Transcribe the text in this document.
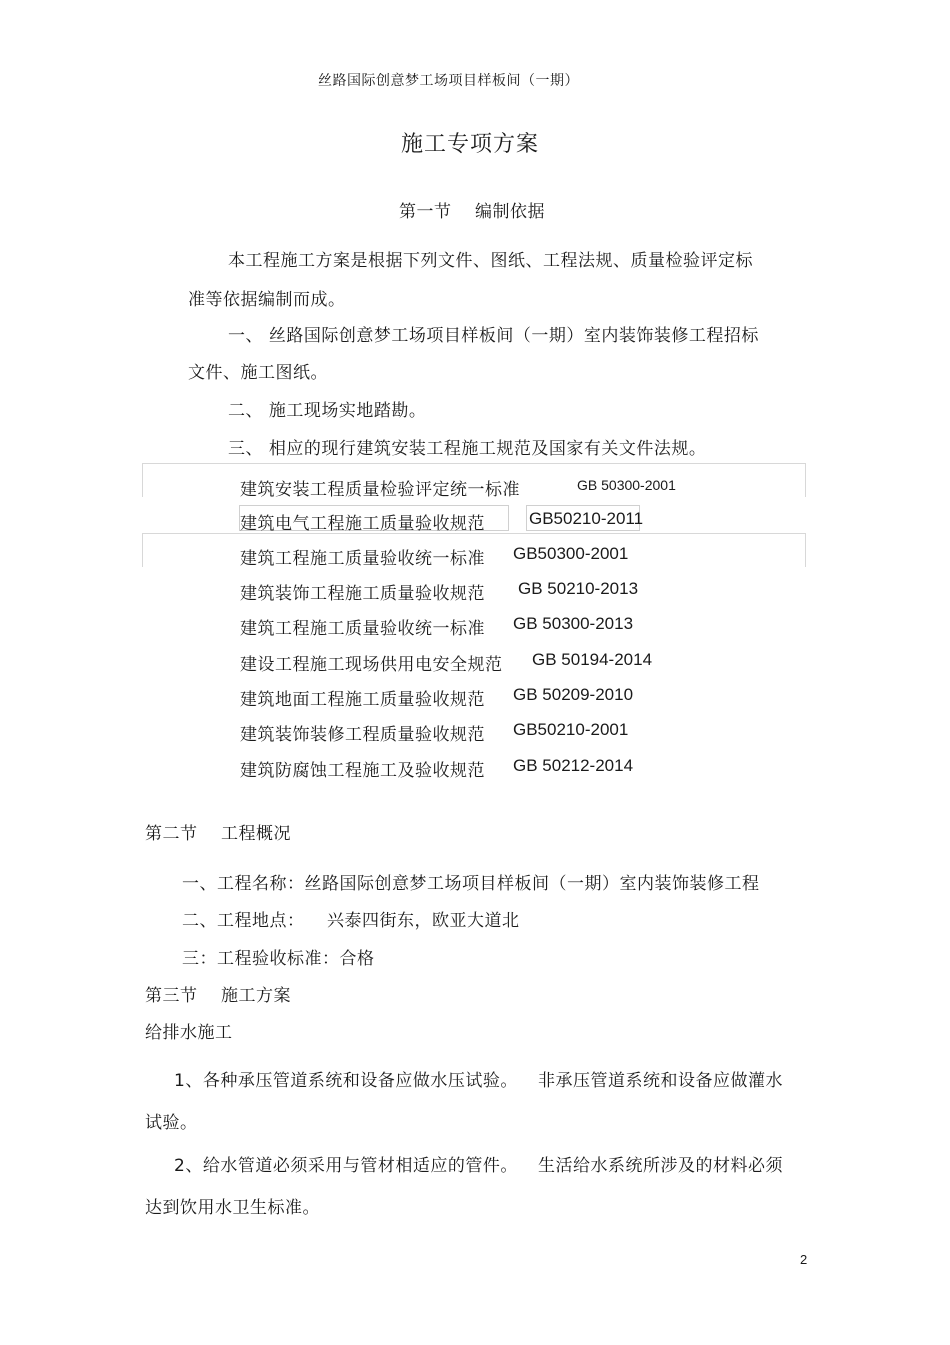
丝路国际创意梦工场项目样板间（一期）
施工专项方案
第一节 编制依据
本工程施工方案是根据下列文件、图纸、工程法规、质量检验评定标
准等依据编制而成。
一、 丝路国际创意梦工场项目样板间（一期）室内装饰装修工程招标
文件、施工图纸。
二、 施工现场实地踏勘。
三、 相应的现行建筑安装工程施工规范及国家有关文件法规。
建筑安装工程质量检验评定统一标准	GB 50300-2001
建筑电气工程施工质量验收规范	GB50210-2011
建筑工程施工质量验收统一标准 GB50300-2001
建筑装饰工程施工质量验收规范 GB 50210-2013
建筑工程施工质量验收统一标准 GB 50300-2013
建设工程施工现场供用电安全规范 GB 50194-2014
建筑地面工程施工质量验收规范 GB 50209-2010
建筑装饰装修工程质量验收规范 GB50210-2001
建筑防腐蚀工程施工及验收规范 GB 50212-2014
第二节 工程概况
一、工程名称：丝路国际创意梦工场项目样板间（一期）室内装饰装修工程
二、工程地点： 兴泰四街东，欧亚大道北
三：工程验收标准：合格
第三节 施工方案
给排水施工
1、各种承压管道系统和设备应做水压试验。 非承压管道系统和设备应做灌水
试验。
2、给水管道必须采用与管材相适应的管件。 生活给水系统所涉及的材料必须
达到饮用水卫生标准。
2
